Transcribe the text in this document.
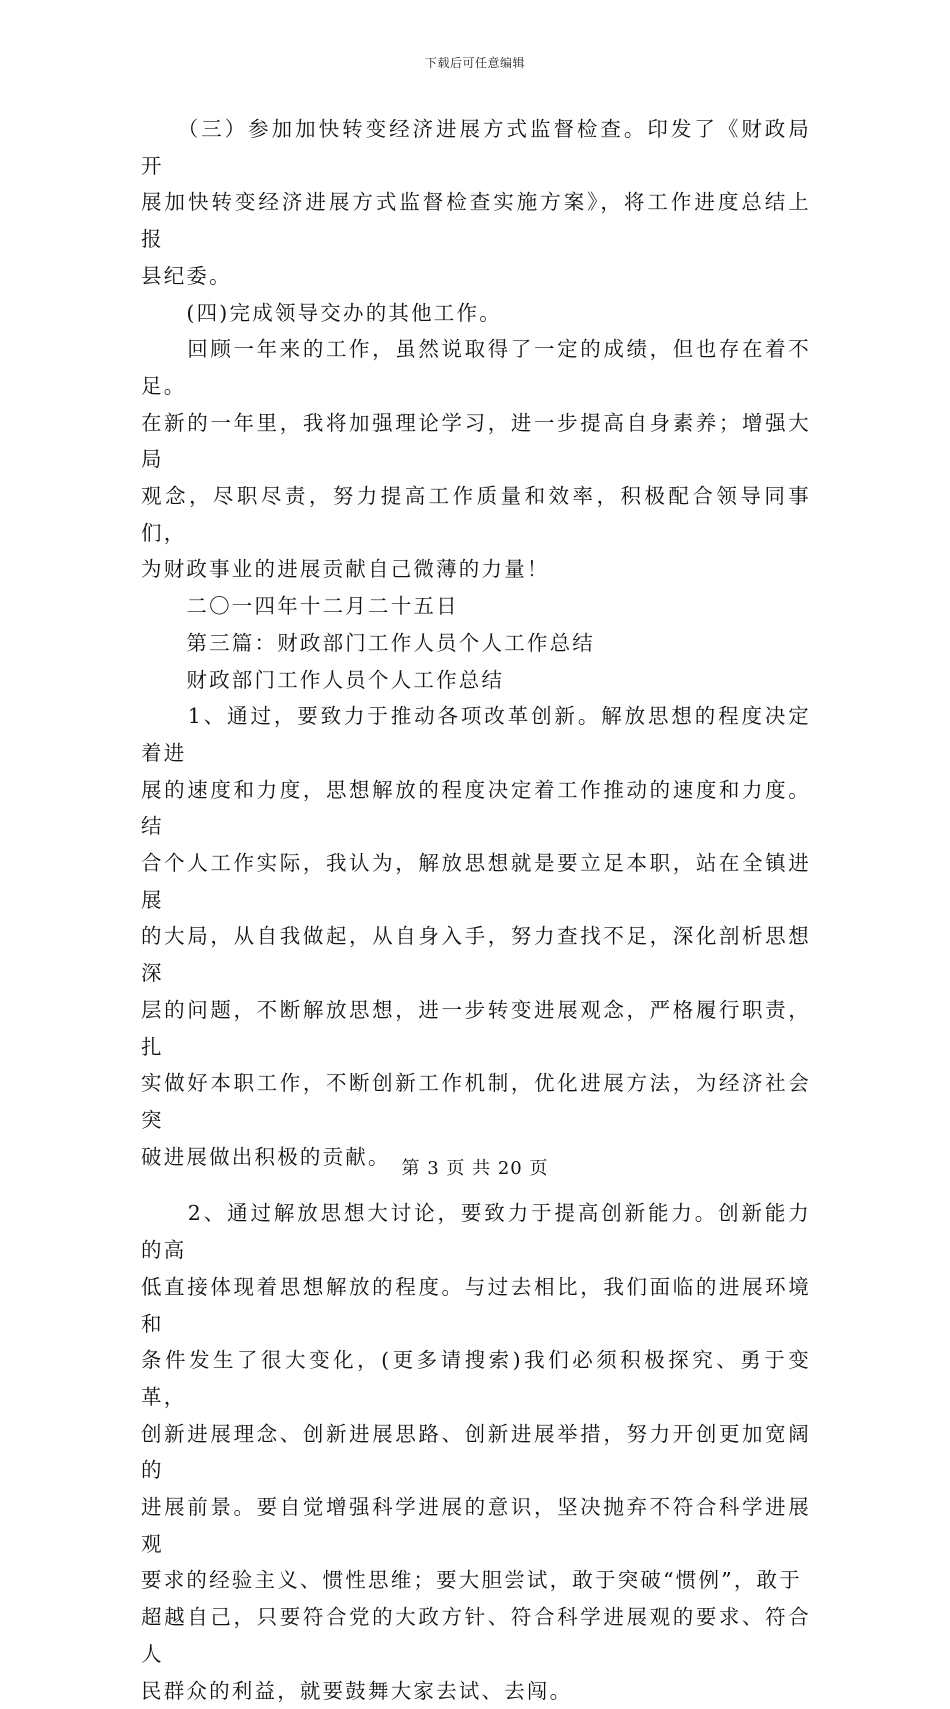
下载后可任意编辑

　　（三）参加加快转变经济进展方式监督检查。印发了《财政局开
展加快转变经济进展方式监督检查实施方案》，将工作进度总结上报
县纪委。

　　(四)完成领导交办的其他工作。

　　回顾一年来的工作，虽然说取得了一定的成绩，但也存在着不足。
在新的一年里，我将加强理论学习，进一步提高自身素养；增强大局
观念，尽职尽责，努力提高工作质量和效率，积极配合领导同事们，
为财政事业的进展贡献自己微薄的力量！

　　二〇一四年十二月二十五日

　　第三篇：财政部门工作人员个人工作总结

　　财政部门工作人员个人工作总结

　　1、通过，要致力于推动各项改革创新。解放思想的程度决定着进
展的速度和力度，思想解放的程度决定着工作推动的速度和力度。结
合个人工作实际，我认为，解放思想就是要立足本职，站在全镇进展
的大局，从自我做起，从自身入手，努力查找不足，深化剖析思想深
层的问题，不断解放思想，进一步转变进展观念，严格履行职责，扎
实做好本职工作，不断创新工作机制，优化进展方法，为经济社会突
破进展做出积极的贡献。

　　2、通过解放思想大讨论，要致力于提高创新能力。创新能力的高
低直接体现着思想解放的程度。与过去相比，我们面临的进展环境和
条件发生了很大变化，(更多请搜索)我们必须积极探究、勇于变革，
创新进展理念、创新进展思路、创新进展举措，努力开创更加宽阔的
进展前景。要自觉增强科学进展的意识，坚决抛弃不符合科学进展观
要求的经验主义、惯性思维；要大胆尝试，敢于突破“惯例”，敢于
超越自己，只要符合党的大政方针、符合科学进展观的要求、符合人
民群众的利益，就要鼓舞大家去试、去闯。

第 3 页 共 20 页
